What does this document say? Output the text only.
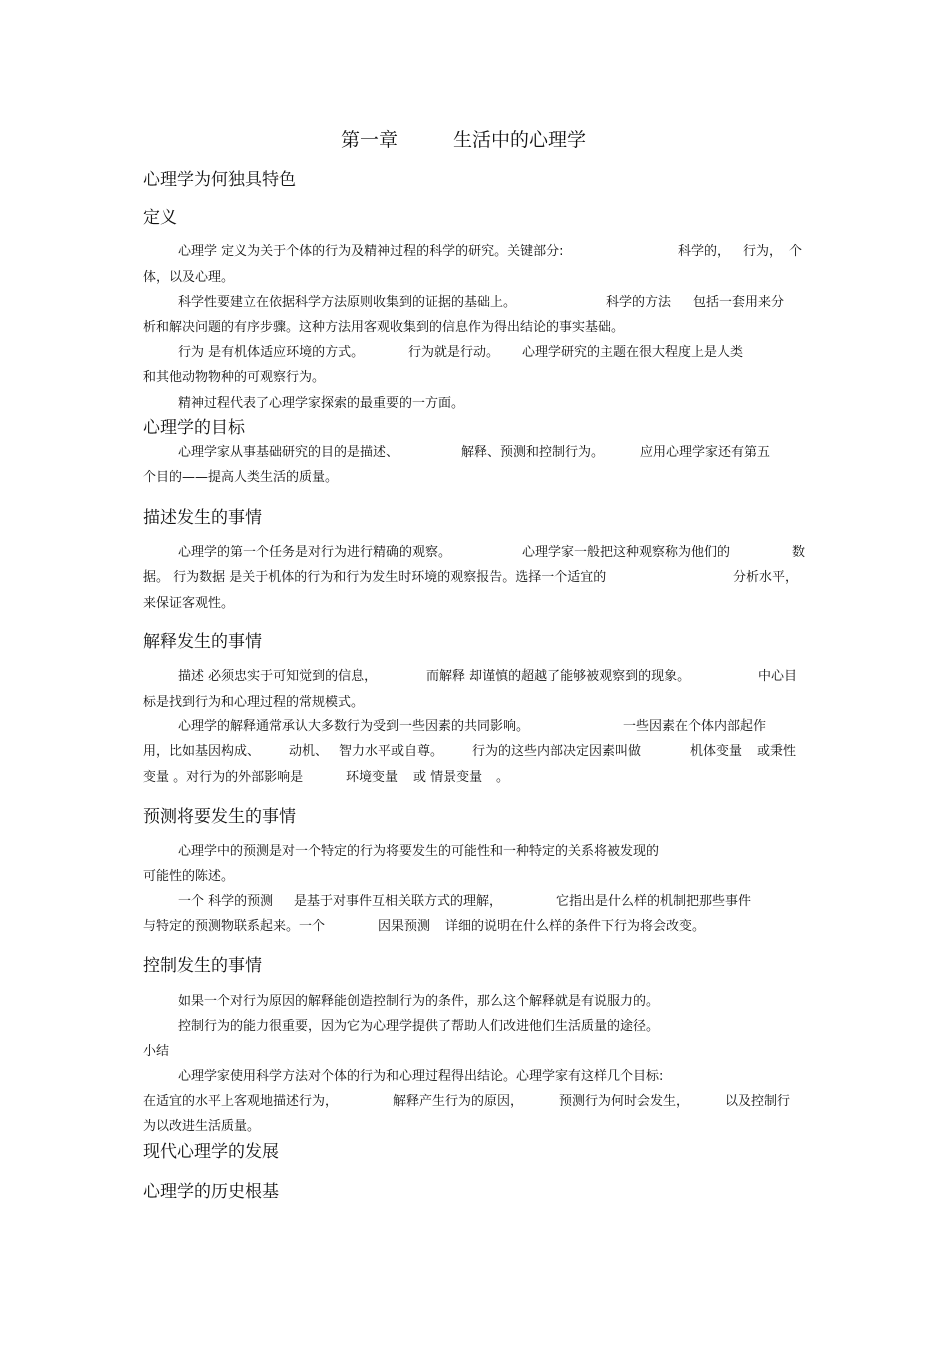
第一章	生活中的心理学
心理学为何独具特色
定义
心理学 定义为关于个体的行为及精神过程的科学的研究。关键部分:	科学的， 行为， 个
体，以及心理。
科学性要建立在依据科学方法原则收集到的证据的基础上。	科学的方法 包括一套用来分
析和解决问题的有序步骤。这种方法用客观收集到的信息作为得出结论的事实基础。
行为 是有机体适应环境的方式。	行为就是行动。 心理学研究的主题在很大程度上是人类
和其他动物物种的可观察行为。
精神过程代表了心理学家探索的最重要的一方面。
心理学的目标
心理学家从事基础研究的目的是描述、	解释、预测和控制行为。	应用心理学家还有第五
个目的——提高人类生活的质量。
描述发生的事情
心理学的第一个任务是对行为进行精确的观察。	心理学家一般把这种观察称为他们的	数
据。 行为数据 是关于机体的行为和行为发生时环境的观察报告。选择一个适宜的	分析水平，
来保证客观性。
解释发生的事情
描述 必须忠实于可知觉到的信息，	而解释 却谨慎的超越了能够被观察到的现象。	中心目
标是找到行为和心理过程的常规模式。
心理学的解释通常承认大多数行为受到一些因素的共同影响。	一些因素在个体内部起作
用，比如基因构成、 动机、 智力水平或自尊。 行为的这些内部决定因素叫做	机体变量 或秉性
变量 。对行为的外部影响是	环境变量 或 情景变量 。
预测将要发生的事情
心理学中的预测是对一个特定的行为将要发生的可能性和一种特定的关系将被发现的
可能性的陈述。
一个 科学的预测 是基于对事件互相关联方式的理解，	它指出是什么样的机制把那些事件
与特定的预测物联系起来。一个	因果预测 详细的说明在什么样的条件下行为将会改变。
控制发生的事情
如果一个对行为原因的解释能创造控制行为的条件，那么这个解释就是有说服力的。
控制行为的能力很重要，因为它为心理学提供了帮助人们改进他们生活质量的途径。
小结
心理学家使用科学方法对个体的行为和心理过程得出结论。心理学家有这样几个目标:
在适宜的水平上客观地描述行为，	解释产生行为的原因，	预测行为何时会发生，	以及控制行
为以改进生活质量。
现代心理学的发展
心理学的历史根基
